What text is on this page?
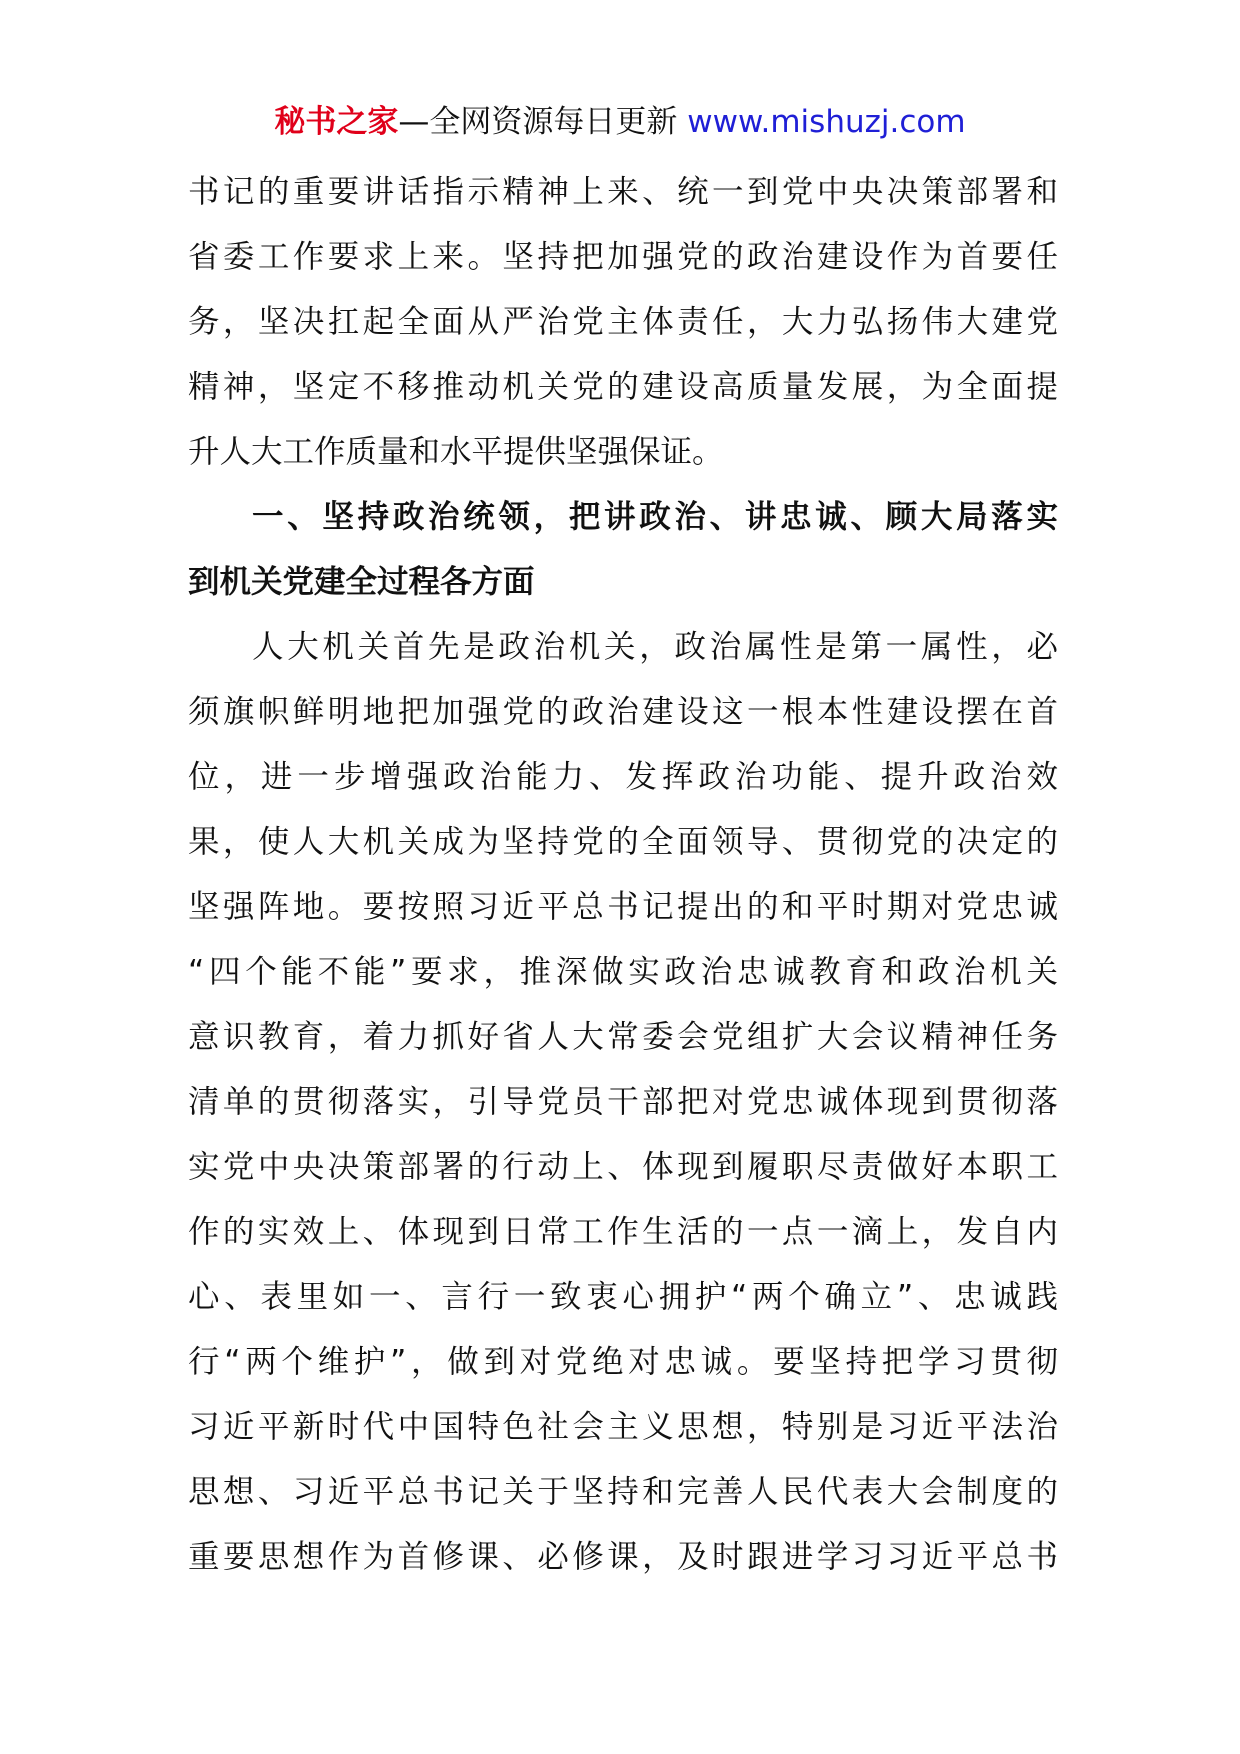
秘书之家—全网资源每日更新 www.mishuzj.com
书记的重要讲话指示精神上来、统一到党中央决策部署和
省委工作要求上来。坚持把加强党的政治建设作为首要任
务，坚决扛起全面从严治党主体责任，大力弘扬伟大建党
精神，坚定不移推动机关党的建设高质量发展，为全面提
升人大工作质量和水平提供坚强保证。
一、坚持政治统领，把讲政治、讲忠诚、顾大局落实
到机关党建全过程各方面
人大机关首先是政治机关，政治属性是第一属性，必
须旗帜鲜明地把加强党的政治建设这一根本性建设摆在首
位，进一步增强政治能力、发挥政治功能、提升政治效
果，使人大机关成为坚持党的全面领导、贯彻党的决定的
坚强阵地。要按照习近平总书记提出的和平时期对党忠诚
“四个能不能”要求，推深做实政治忠诚教育和政治机关
意识教育，着力抓好省人大常委会党组扩大会议精神任务
清单的贯彻落实，引导党员干部把对党忠诚体现到贯彻落
实党中央决策部署的行动上、体现到履职尽责做好本职工
作的实效上、体现到日常工作生活的一点一滴上，发自内
心、表里如一、言行一致衷心拥护“两个确立”、忠诚践
行“两个维护”，做到对党绝对忠诚。要坚持把学习贯彻
习近平新时代中国特色社会主义思想，特别是习近平法治
思想、习近平总书记关于坚持和完善人民代表大会制度的
重要思想作为首修课、必修课，及时跟进学习习近平总书
